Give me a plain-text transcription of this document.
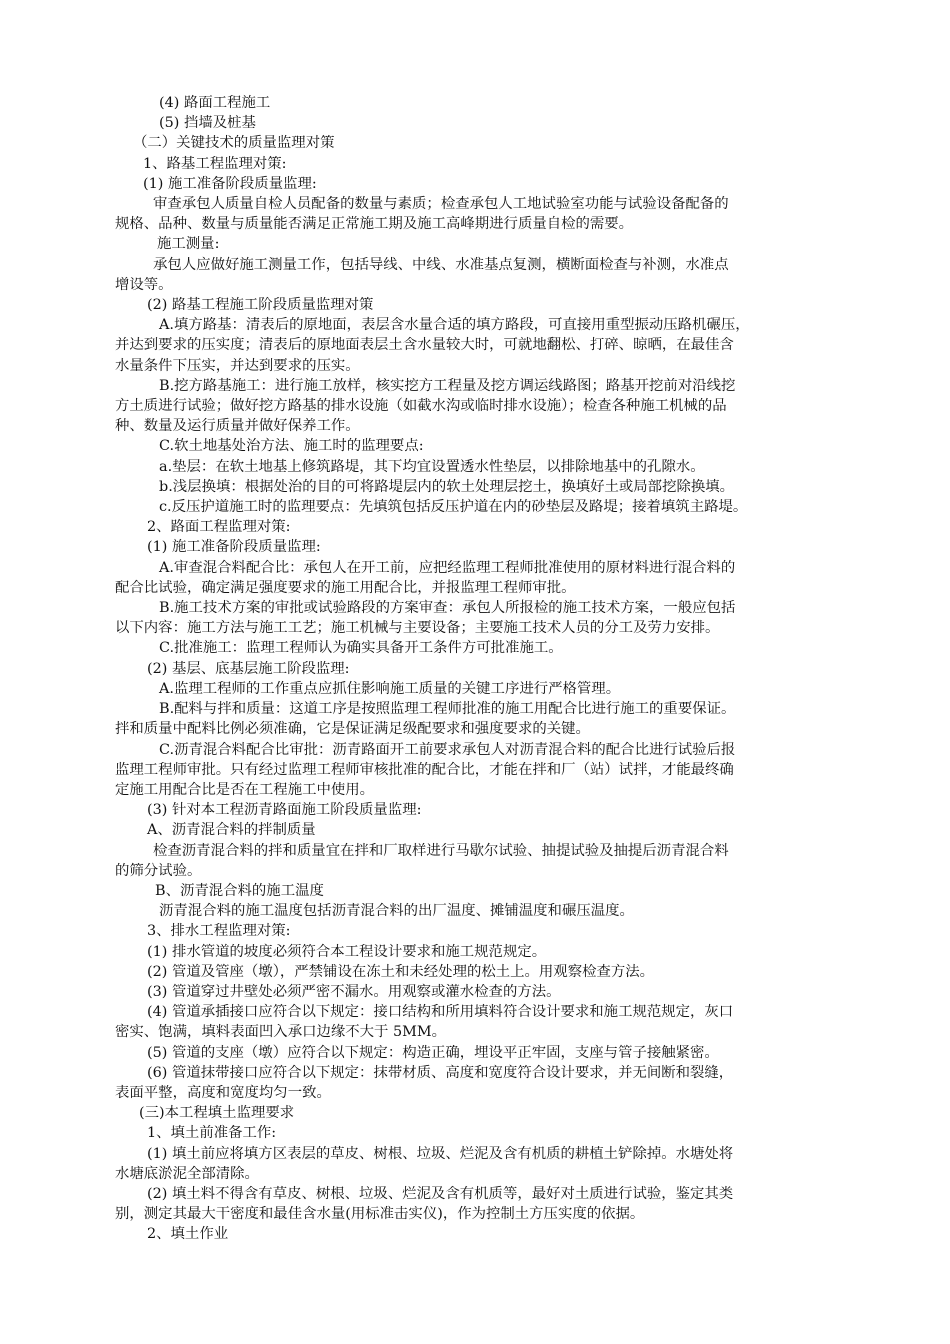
(4) 路面工程施工

(5) 挡墙及桩基

（二）关键技术的质量监理对策

1、路基工程监理对策:

(1) 施工准备阶段质量监理:

审查承包人质量自检人员配备的数量与素质；检查承包人工地试验室功能与试验设备配备的

规格、品种、数量与质量能否满足正常施工期及施工高峰期进行质量自检的需要。

施工测量:

承包人应做好施工测量工作，包括导线、中线、水准基点复测，横断面检查与补测，水准点

增设等。

(2) 路基工程施工阶段质量监理对策

A.填方路基：清表后的原地面，表层含水量合适的填方路段，可直接用重型振动压路机碾压，

并达到要求的压实度；清表后的原地面表层土含水量较大时，可就地翻松、打碎、晾晒，在最佳含

水量条件下压实，并达到要求的压实。

B.挖方路基施工：进行施工放样，核实挖方工程量及挖方调运线路图；路基开挖前对沿线挖

方土质进行试验；做好挖方路基的排水设施（如截水沟或临时排水设施）；检查各种施工机械的品

种、数量及运行质量并做好保养工作。

C.软土地基处治方法、施工时的监理要点:

a.垫层：在软土地基上修筑路堤，其下均宜设置透水性垫层，以排除地基中的孔隙水。

b.浅层换填：根据处治的目的可将路堤层内的软土处理层挖土，换填好土或局部挖除换填。

c.反压护道施工时的监理要点：先填筑包括反压护道在内的砂垫层及路堤；接着填筑主路堤。

2、路面工程监理对策:

(1) 施工准备阶段质量监理:

A.审查混合料配合比：承包人在开工前，应把经监理工程师批准使用的原材料进行混合料的

配合比试验，确定满足强度要求的施工用配合比，并报监理工程师审批。

B.施工技术方案的审批或试验路段的方案审查：承包人所报检的施工技术方案，一般应包括

以下内容：施工方法与施工工艺；施工机械与主要设备；主要施工技术人员的分工及劳力安排。

C.批准施工：监理工程师认为确实具备开工条件方可批准施工。

(2) 基层、底基层施工阶段监理:

A.监理工程师的工作重点应抓住影响施工质量的关键工序进行严格管理。

B.配料与拌和质量：这道工序是按照监理工程师批准的施工用配合比进行施工的重要保证。

拌和质量中配料比例必须准确，它是保证满足级配要求和强度要求的关键。

C.沥青混合料配合比审批：沥青路面开工前要求承包人对沥青混合料的配合比进行试验后报

监理工程师审批。只有经过监理工程师审核批准的配合比，才能在拌和厂（站）试拌，才能最终确

定施工用配合比是否在工程施工中使用。

(3) 针对本工程沥青路面施工阶段质量监理:

A、沥青混合料的拌制质量

检查沥青混合料的拌和质量宜在拌和厂取样进行马歇尔试验、抽提试验及抽提后沥青混合料

的筛分试验。

B、沥青混合料的施工温度

沥青混合料的施工温度包括沥青混合料的出厂温度、摊铺温度和碾压温度。

3、排水工程监理对策:

(1) 排水管道的坡度必须符合本工程设计要求和施工规范规定。

(2) 管道及管座（墩），严禁铺设在冻土和未经处理的松土上。用观察检查方法。

(3) 管道穿过井壁处必须严密不漏水。用观察或灌水检查的方法。

(4) 管道承插接口应符合以下规定：接口结构和所用填料符合设计要求和施工规范规定，灰口

密实、饱满，填料表面凹入承口边缘不大于 5MM。

(5) 管道的支座（墩）应符合以下规定：构造正确，埋设平正牢固，支座与管子接触紧密。

(6) 管道抹带接口应符合以下规定：抹带材质、高度和宽度符合设计要求，并无间断和裂缝，

表面平整，高度和宽度均匀一致。

(三)本工程填土监理要求

1、填土前准备工作:

(1) 填土前应将填方区表层的草皮、树根、垃圾、烂泥及含有机质的耕植土铲除掉。水塘处将

水塘底淤泥全部清除。

(2) 填土料不得含有草皮、树根、垃圾、烂泥及含有机质等，最好对土质进行试验，鉴定其类

别，测定其最大干密度和最佳含水量(用标准击实仪)，作为控制土方压实度的依据。

2、填土作业
